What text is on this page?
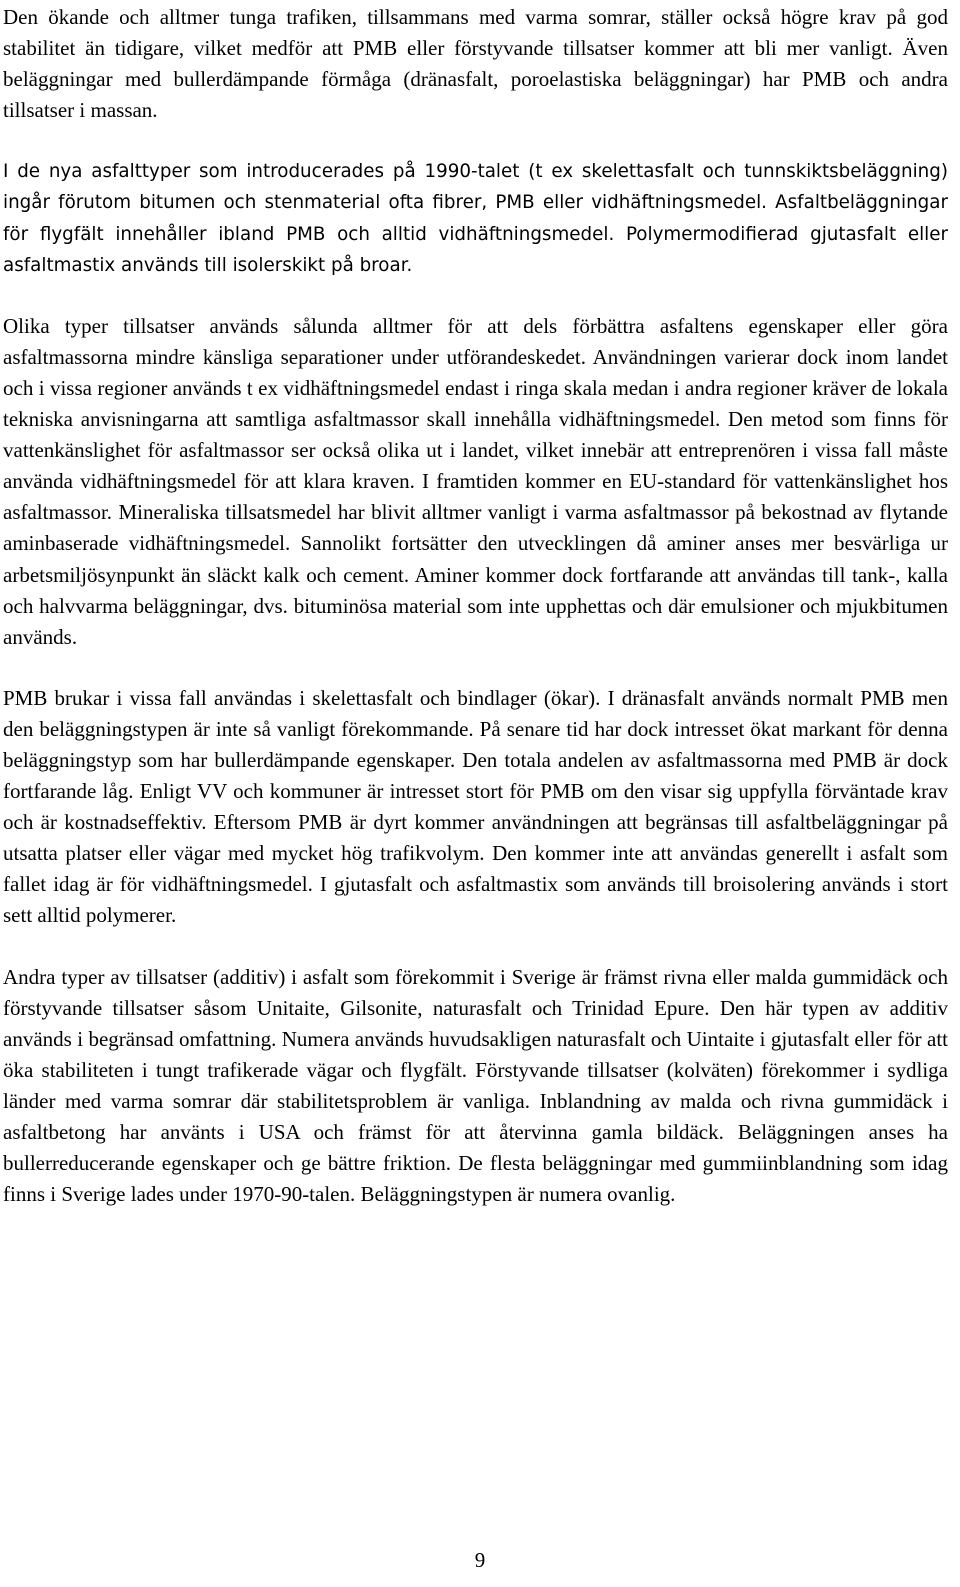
Den ökande och alltmer tunga trafiken, tillsammans med varma somrar, ställer också högre krav på god stabilitet än tidigare, vilket medför att PMB eller förstyvande tillsatser kommer att bli mer vanligt. Även beläggningar med bullerdämpande förmåga (dränasfalt, poroelastiska beläggningar) har PMB och andra tillsatser i massan.

I de nya asfalttyper som introducerades på 1990-talet (t ex skelettasfalt och tunnskiktsbeläggning) ingår förutom bitumen och stenmaterial ofta fibrer, PMB eller vidhäftningsmedel. Asfaltbeläggningar för flygfält innehåller ibland PMB och alltid vidhäftningsmedel. Polymermodifierad gjutasfalt eller asfaltmastix används till isolerskikt på broar.

Olika typer tillsatser används sålunda alltmer för att dels förbättra asfaltens egenskaper eller göra asfaltmassorna mindre känsliga separationer under utförandeskedet. Användningen varierar dock inom landet och i vissa regioner används t ex vidhäftningsmedel endast i ringa skala medan i andra regioner kräver de lokala tekniska anvisningarna att samtliga asfaltmassor skall innehålla vidhäftningsmedel. Den metod som finns för vattenkänslighet för asfaltmassor ser också olika ut i landet, vilket innebär att entreprenören i vissa fall måste använda vidhäftningsmedel för att klara kraven. I framtiden kommer en EU-standard för vattenkänslighet hos asfaltmassor. Mineraliska tillsatsmedel har blivit alltmer vanligt i varma asfaltmassor på bekostnad av flytande aminbaserade vidhäftningsmedel. Sannolikt fortsätter den utvecklingen då aminer anses mer besvärliga ur arbetsmiljösynpunkt än släckt kalk och cement. Aminer kommer dock fortfarande att användas till tank-, kalla och halvvarma beläggningar, dvs. bituminösa material som inte upphettas och där emulsioner och mjukbitumen används.

PMB brukar i vissa fall användas i skelettasfalt och bindlager (ökar). I dränasfalt används normalt PMB men den beläggningstypen är inte så vanligt förekommande. På senare tid har dock intresset ökat markant för denna beläggningstyp som har bullerdämpande egenskaper. Den totala andelen av asfaltmassorna med PMB är dock fortfarande låg. Enligt VV och kommuner är intresset stort för PMB om den visar sig uppfylla förväntade krav och är kostnadseffektiv. Eftersom PMB är dyrt kommer användningen att begränsas till asfaltbeläggningar på utsatta platser eller vägar med mycket hög trafikvolym. Den kommer inte att användas generellt i asfalt som fallet idag är för vidhäftningsmedel. I gjutasfalt och asfaltmastix som används till broisolering används i stort sett alltid polymerer.

Andra typer av tillsatser (additiv) i asfalt som förekommit i Sverige är främst rivna eller malda gummidäck och förstyvande tillsatser såsom Unitaite, Gilsonite, naturasfalt och Trinidad Epure. Den här typen av additiv används i begränsad omfattning. Numera används huvudsakligen naturasfalt och Uintaite i gjutasfalt eller för att öka stabiliteten i tungt trafikerade vägar och flygfält. Förstyvande tillsatser (kolväten) förekommer i sydliga länder med varma somrar där stabilitetsproblem är vanliga. Inblandning av malda och rivna gummidäck i asfaltbetong har använts i USA och främst för att återvinna gamla bildäck. Beläggningen anses ha bullerreducerande egenskaper och ge bättre friktion. De flesta beläggningar med gummiinblandning som idag finns i Sverige lades under 1970-90-talen. Beläggningstypen är numera ovanlig.

9
